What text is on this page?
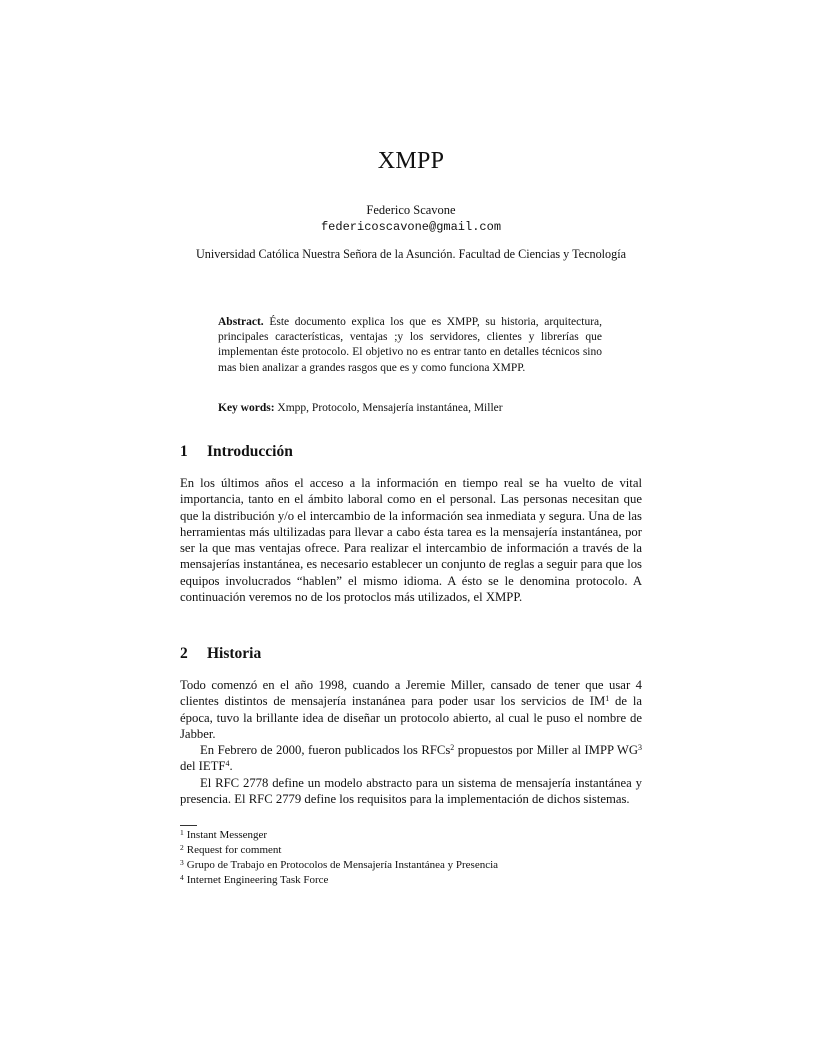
XMPP
Federico Scavone
federicoscavone@gmail.com
Universidad Católica Nuestra Señora de la Asunción. Facultad de Ciencias y Tecnología
Abstract. Éste documento explica los que es XMPP, su historia, arquitectura, principales características, ventajas ;y los servidores, clientes y librerías que implementan éste protocolo. El objetivo no es entrar tanto en detalles técnicos sino mas bien analizar a grandes rasgos que es y como funciona XMPP.
Key words: Xmpp, Protocolo, Mensajería instantánea, Miller
1 Introducción

En los últimos años el acceso a la información en tiempo real se ha vuelto de vital importancia, tanto en el ámbito laboral como en el personal. Las personas necesitan que que la distribución y/o el intercambio de la información sea inmediata y segura. Una de las herramientas más ultilizadas para llevar a cabo ésta tarea es la mensajería instantánea, por ser la que mas ventajas ofrece. Para realizar el intercambio de información a través de la mensajerías instantánea, es necesario establecer un conjunto de reglas a seguir para que los equipos involucrados “hablen” el mismo idioma. A ésto se le denomina protocolo. A continuación veremos no de los protoclos más utilizados, el XMPP.

2 Historia

Todo comenzó en el año 1998, cuando a Jeremie Miller, cansado de tener que usar 4 clientes distintos de mensajería instanánea para poder usar los servicios de $IM^1$ de la época, tuvo la brillante idea de diseñar un protocolo abierto, al cual le puso el nombre de Jabber.

En Febrero de 2000, fueron publicados los RFCs$^2$ propuestos por Miller al IMPP $WG^3$ del IETF$^4$.

El RFC 2778 define un modelo abstracto para un sistema de mensajería instantánea y presencia. El RFC 2779 define los requisitos para la implementación de dichos sistemas.

$^1$ Instant Messenger
$^2$ Request for comment
$^3$ Grupo de Trabajo en Protocolos de Mensajería Instantánea y Presencia
$^4$ Internet Engineering Task Force
